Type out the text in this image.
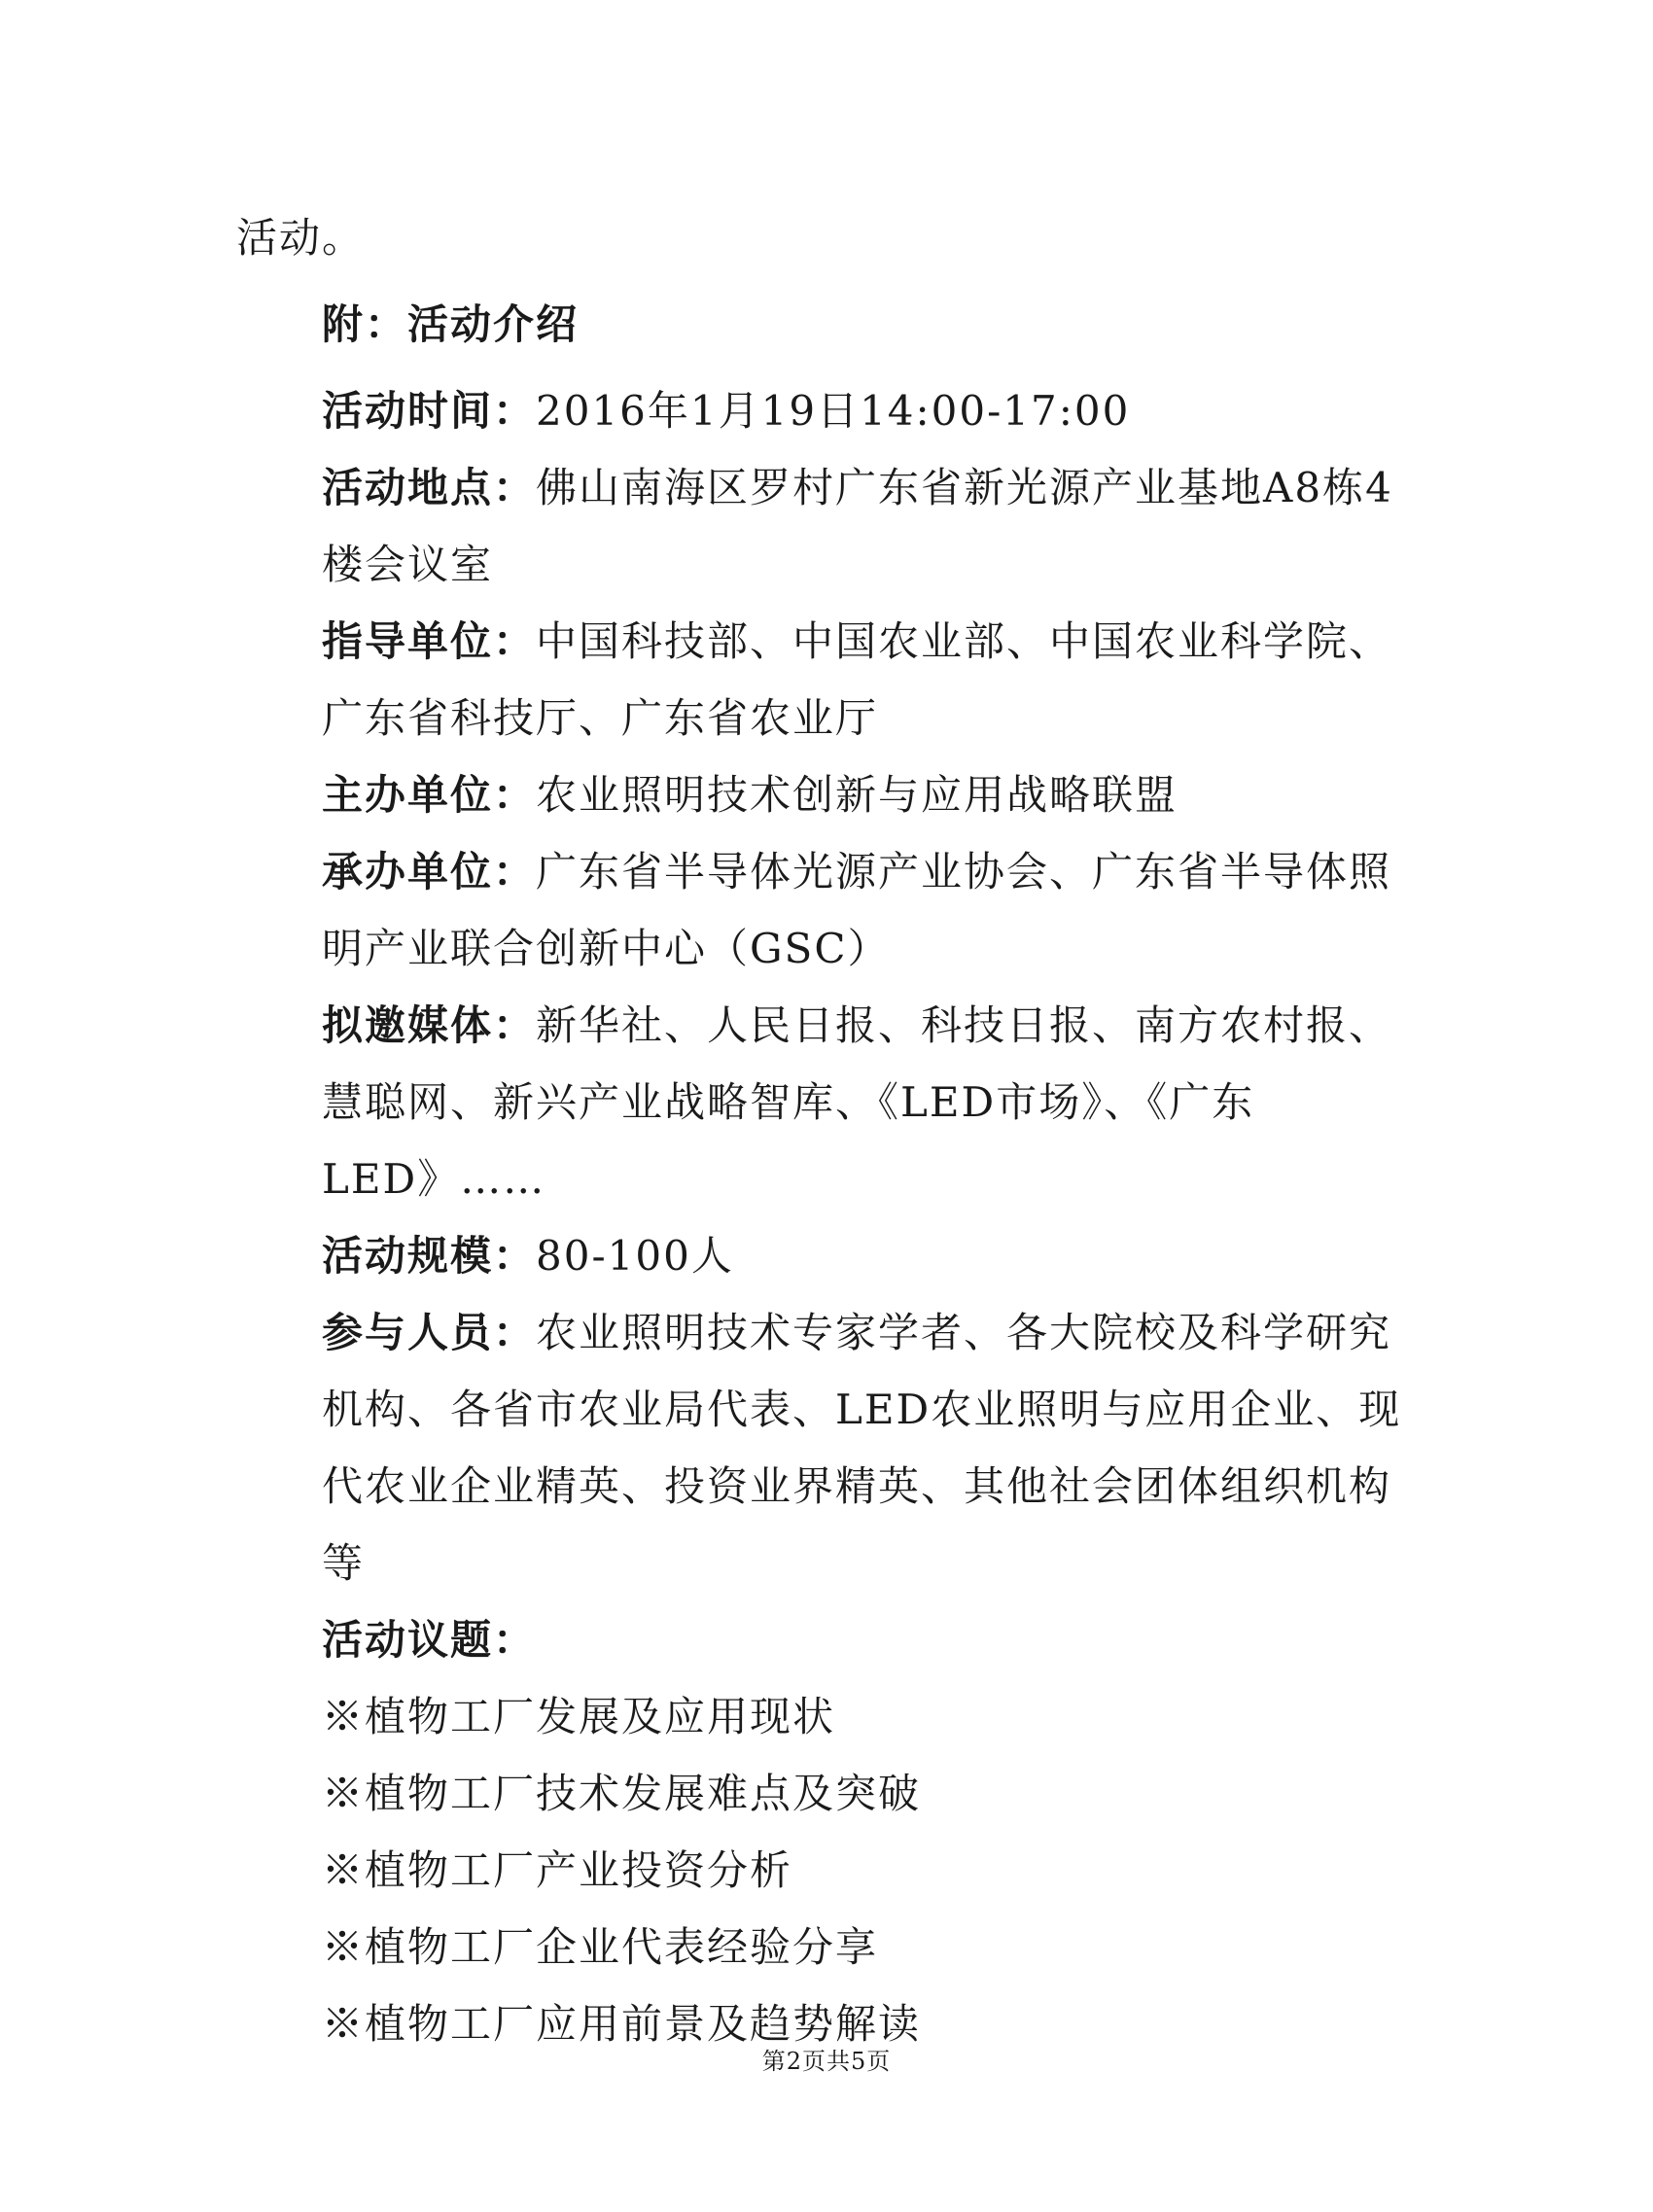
活动。

附：活动介绍

活动时间：2016年1月19日14:00-17:00

活动地点：佛山南海区罗村广东省新光源产业基地A8栋4楼会议室

指导单位：中国科技部、中国农业部、中国农业科学院、广东省科技厅、广东省农业厅

主办单位：农业照明技术创新与应用战略联盟

承办单位：广东省半导体光源产业协会、广东省半导体照明产业联合创新中心（GSC）

拟邀媒体：新华社、人民日报、科技日报、南方农村报、慧聪网、新兴产业战略智库、《LED市场》、《广东LED》……

活动规模：80-100人

参与人员：农业照明技术专家学者、各大院校及科学研究机构、各省市农业局代表、LED农业照明与应用企业、现代农业企业精英、投资业界精英、其他社会团体组织机构等

活动议题：

※植物工厂发展及应用现状

※植物工厂技术发展难点及突破

※植物工厂产业投资分析

※植物工厂企业代表经验分享

※植物工厂应用前景及趋势解读

第2页共5页
